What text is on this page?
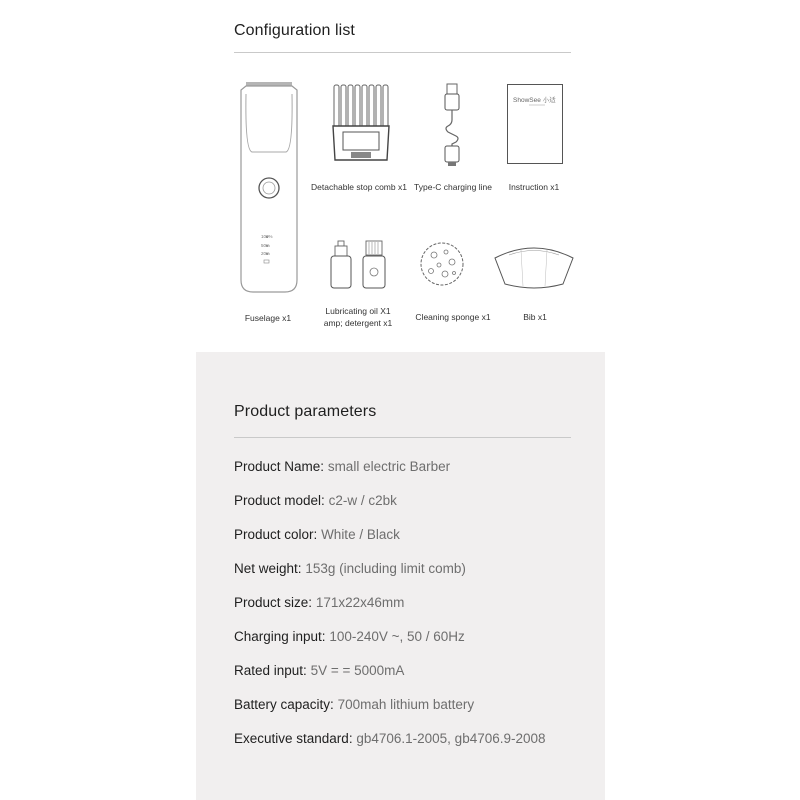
Configuration list
100%
50%
20%
Fuselage x1
Detachable stop comb x1 Type-C charging line
ShowSee 小适
Instruction x1
Lubricating oil X1
amp; detergent x1
Cleaning sponge x1	Bib x1
Product parameters
Product Name: small electric Barber
Product model: c2-w / c2bk
Product color: White / Black
Net weight: 153g (including limit comb)
Product size: 171x22x46mm
Charging input: 100-240V ~, 50 / 60Hz
Rated input: 5V = = 5000mA
Battery capacity: 700mah lithium battery
Executive standard: gb4706.1-2005, gb4706.9-2008
